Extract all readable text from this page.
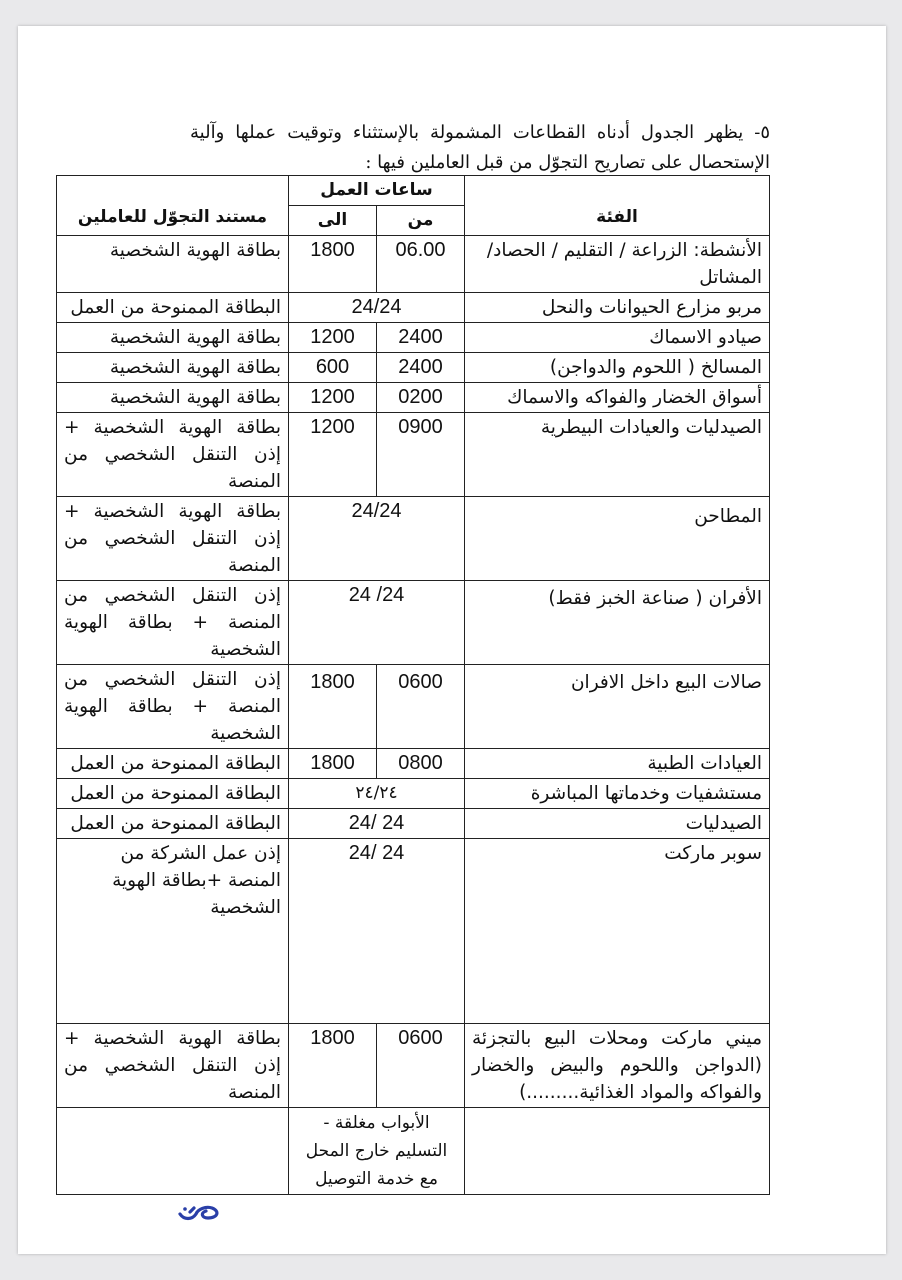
٥- يظهر الجدول أدناه القطاعات المشمولة بالإستثناء وتوقيت عملها وآلية الإستحصال على تصاريح التجوّل من قبل العاملين فيها :
الفئة	ساعات العمل		مستند التجوّل للعاملين
	من	الى	
الأنشطة: الزراعة / التقليم / الحصاد/ المشاتل	06.00	1800	بطاقة الهوية الشخصية
مربو مزارع الحيوانات والنحل	24/24		البطاقة الممنوحة من العمل
صيادو الاسماك	2400	1200	بطاقة الهوية الشخصية
المسالخ ( اللحوم والدواجن)	2400	600	بطاقة الهوية الشخصية
أسواق الخضار والفواكه والاسماك	0200	1200	بطاقة الهوية الشخصية
الصيدليات والعيادات البيطرية	0900	1200	بطاقة الهوية الشخصية + إذن التنقل الشخصي من المنصة
المطاحن	24/24		بطاقة الهوية الشخصية + إذن التنقل الشخصي من المنصة
الأفران ( صناعة الخبز فقط)	24/ 24		إذن التنقل الشخصي من المنصة + بطاقة الهوية الشخصية
صالات البيع داخل الافران	0600	1800	إذن التنقل الشخصي من المنصة + بطاقة الهوية الشخصية
العيادات الطبية	0800	1800	البطاقة الممنوحة من العمل
مستشفيات وخدماتها المباشرة	٢٤/٢٤		البطاقة الممنوحة من العمل
الصيدليات	24 /24		البطاقة الممنوحة من العمل
سوبر ماركت	24 /24		إذن عمل الشركة من المنصة +بطاقة الهوية الشخصية
ميني ماركت ومحلات البيع بالتجزئة (الدواجن واللحوم والبيض والخضار والفواكه والمواد الغذائية.........)	0600	1800	بطاقة الهوية الشخصية + إذن التنقل الشخصي من المنصة
	الأبواب مغلقة - التسليم خارج المحل مع خدمة التوصيل		
